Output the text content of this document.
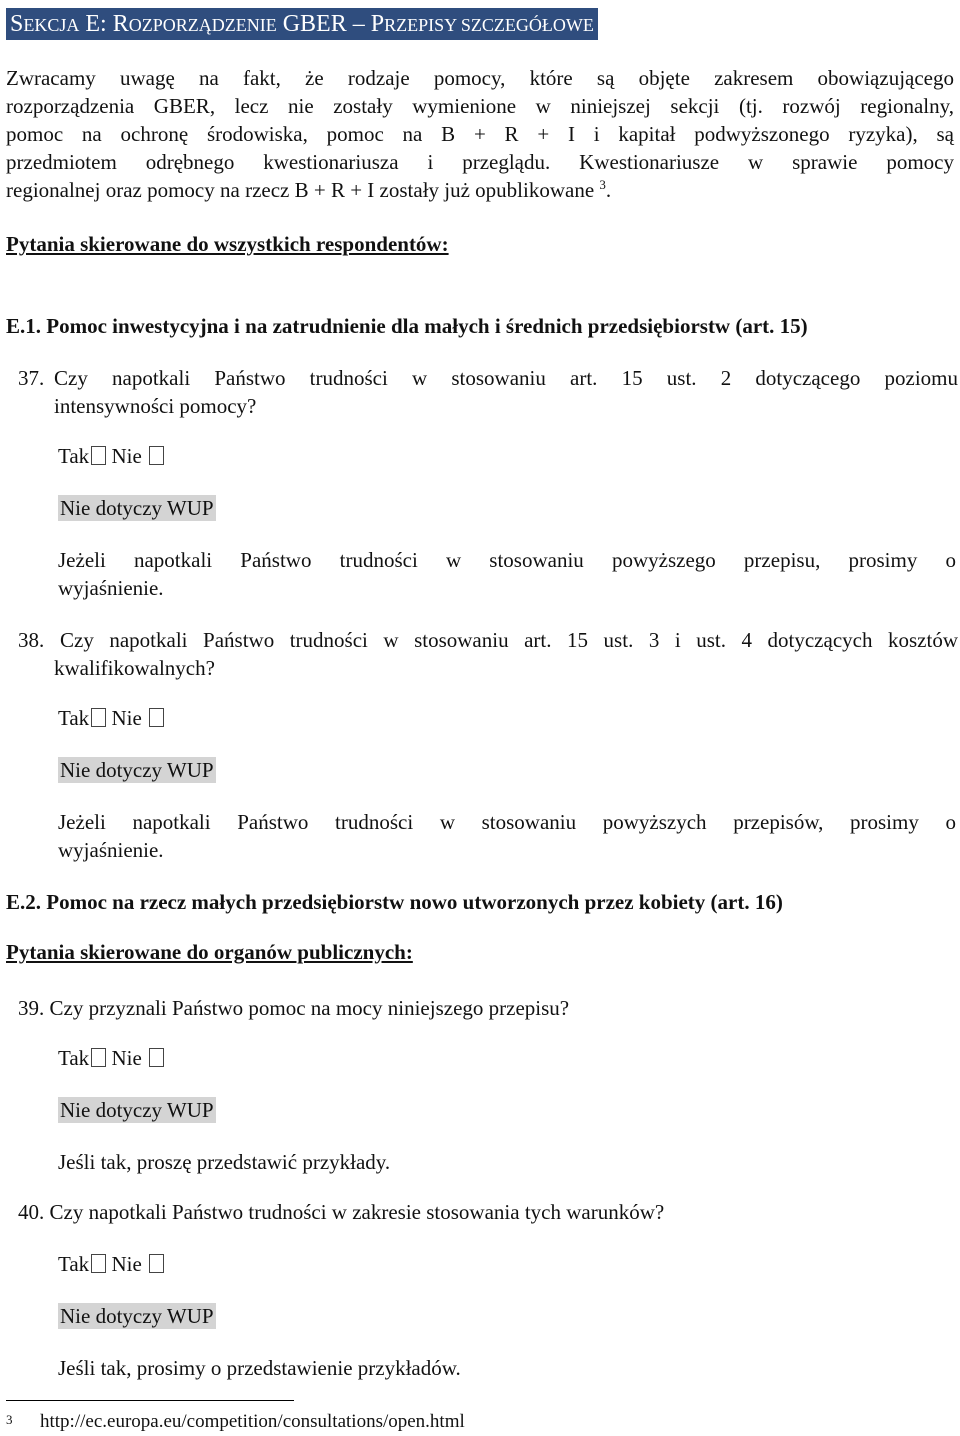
SEKCJA E: ROZPORZĄDZENIE GBER – PRZEPISY SZCZEGÓŁOWE

Zwracamy uwagę na fakt, że rodzaje pomocy, które są objęte zakresem obowiązującego

rozporządzenia GBER, lecz nie zostały wymienione w niniejszej sekcji (tj. rozwój regionalny,

pomoc na ochronę środowiska, pomoc na B + R + I i kapitał podwyższonego ryzyka), są

przedmiotem odrębnego kwestionariusza i przeglądu. Kwestionariusze w sprawie pomocy

regionalnej oraz pomocy na rzecz B + R + I zostały już opublikowane $^3$.

Pytania skierowane do wszystkich respondentów:
E.1. Pomoc inwestycyjna i na zatrudnienie dla małych i średnich przedsiębiorstw (art. 15)
37. Czy napotkali Państwo trudności w stosowaniu art. 15 ust. 2 dotyczącego poziomu
intensywności pomocy?
Tak Nie
Nie dotyczy WUP
Jeżeli napotkali Państwo trudności w stosowaniu powyższego przepisu, prosimy o
wyjaśnienie.
38. Czy napotkali Państwo trudności w stosowaniu art. 15 ust. 3 i ust. 4 dotyczących kosztów
kwalifikowalnych?
Tak Nie
Nie dotyczy WUP
Jeżeli napotkali Państwo trudności w stosowaniu powyższych przepisów, prosimy o
wyjaśnienie.
E.2. Pomoc na rzecz małych przedsiębiorstw nowo utworzonych przez kobiety (art. 16)
Pytania skierowane do organów publicznych:
39. Czy przyznali Państwo pomoc na mocy niniejszego przepisu?
Tak Nie
Nie dotyczy WUP
Jeśli tak, proszę przedstawić przykłady.
40. Czy napotkali Państwo trudności w zakresie stosowania tych warunków?
Tak Nie
Nie dotyczy WUP
Jeśli tak, prosimy o przedstawienie przykładów.
3 http://ec.europa.eu/competition/consultations/open.html
